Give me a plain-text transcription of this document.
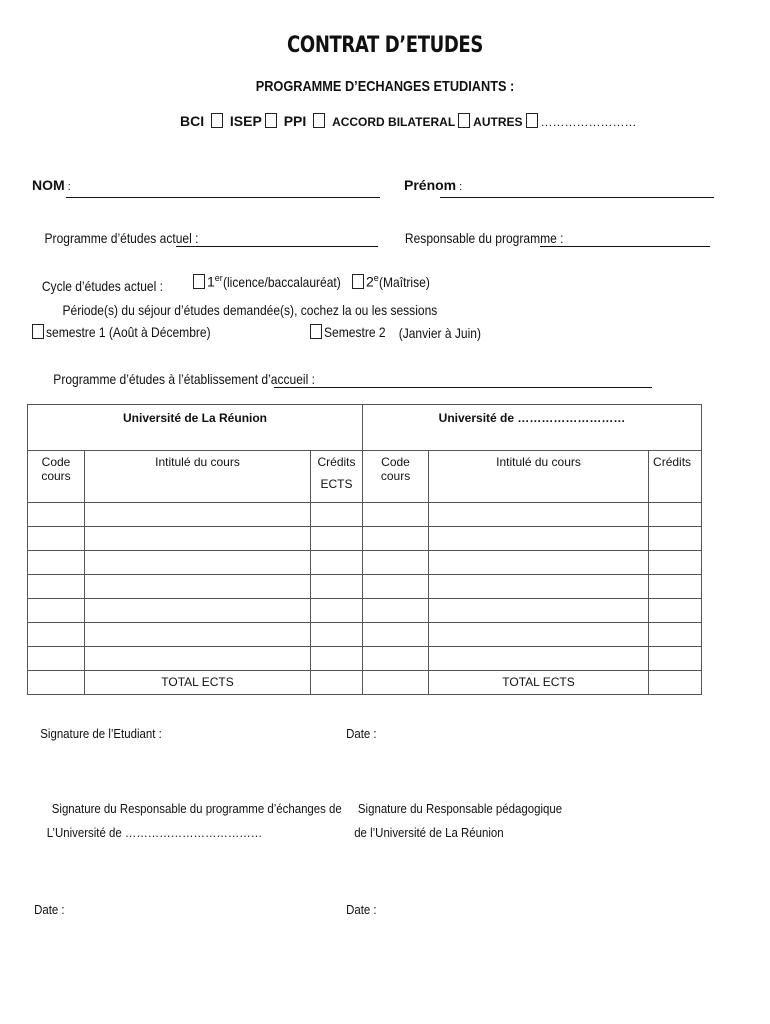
CONTRAT D’ETUDES
PROGRAMME D’ECHANGES ETUDIANTS :
BCI ISEP PPI ACCORD BILATERAL AUTRES ……………………
NOM :	Prénom :
Programme d’études actuel :	Responsable du programme :
Cycle d’études actuel :	1er(licence/baccalauréat)	2e(Maîtrise)
Période(s) du séjour d’études demandée(s), cochez la ou les sessions
semestre 1 (Août à Décembre)	Semestre 2 (Janvier à Juin)
Programme d’études à l’établissement d’accueil :
Université de La Réunion			Université de ………………………		
Code cours	Intitulé du cours	Crédits ECTS	Code cours	Intitulé du cours	Crédits

	TOTAL ECTS			TOTAL ECTS	
Signature de l’Etudiant :	Date :
Signature du Responsable du programme d’échanges de
L’Université de ………………………………
Signature du Responsable pédagogique
de l’Université de La Réunion
Date :	Date :
